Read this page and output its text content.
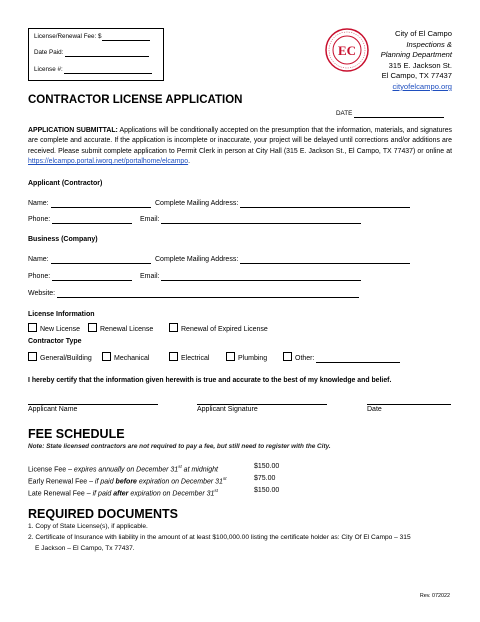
License/Renewal Fee: $
Date Paid:
License #:
EC
City of El Campo
Inspections &
Planning Department
315 E. Jackson St.
El Campo, TX 77437
cityofelcampo.org
CONTRACTOR LICENSE APPLICATION
DATE
APPLICATION SUBMITTAL: Applications will be conditionally accepted on the presumption that the information, materials, and signatures are complete and accurate. If the application is incomplete or inaccurate, your project will be delayed until corrections and/or additions are received. Please submit complete application to Permit Clerk in person at City Hall (315 E. Jackson St., El Campo, TX 77437) or online at https://elcampo.portal.iworq.net/portalhome/elcampo.
Applicant (Contractor)
Name:	Complete Mailing Address:
Phone:	Email:
Business (Company)
Name:	Complete Mailing Address:
Phone:	Email:
Website:
License Information
New License	Renewal License	Renewal of Expired License
Contractor Type
General/Building	Mechanical	Electrical	Plumbing	Other:
I hereby certify that the information given herewith is true and accurate to the best of my knowledge and belief.
Applicant Name	Applicant Signature	Date
FEE SCHEDULE
Note: State licensed contractors are not required to pay a fee, but still need to register with the City.
License Fee – expires annually on December 31st at midnight	$150.00
Early Renewal Fee – if paid before expiration on December 31st	$75.00
Late Renewal Fee – if paid after expiration on December 31st	$150.00
REQUIRED DOCUMENTS
1. Copy of State License(s), if applicable.
2. Certificate of Insurance with liability in the amount of at least $100,000.00 listing the certificate holder as: City Of El Campo – 315
E Jackson – El Campo, Tx 77437.
Rev. 072022
